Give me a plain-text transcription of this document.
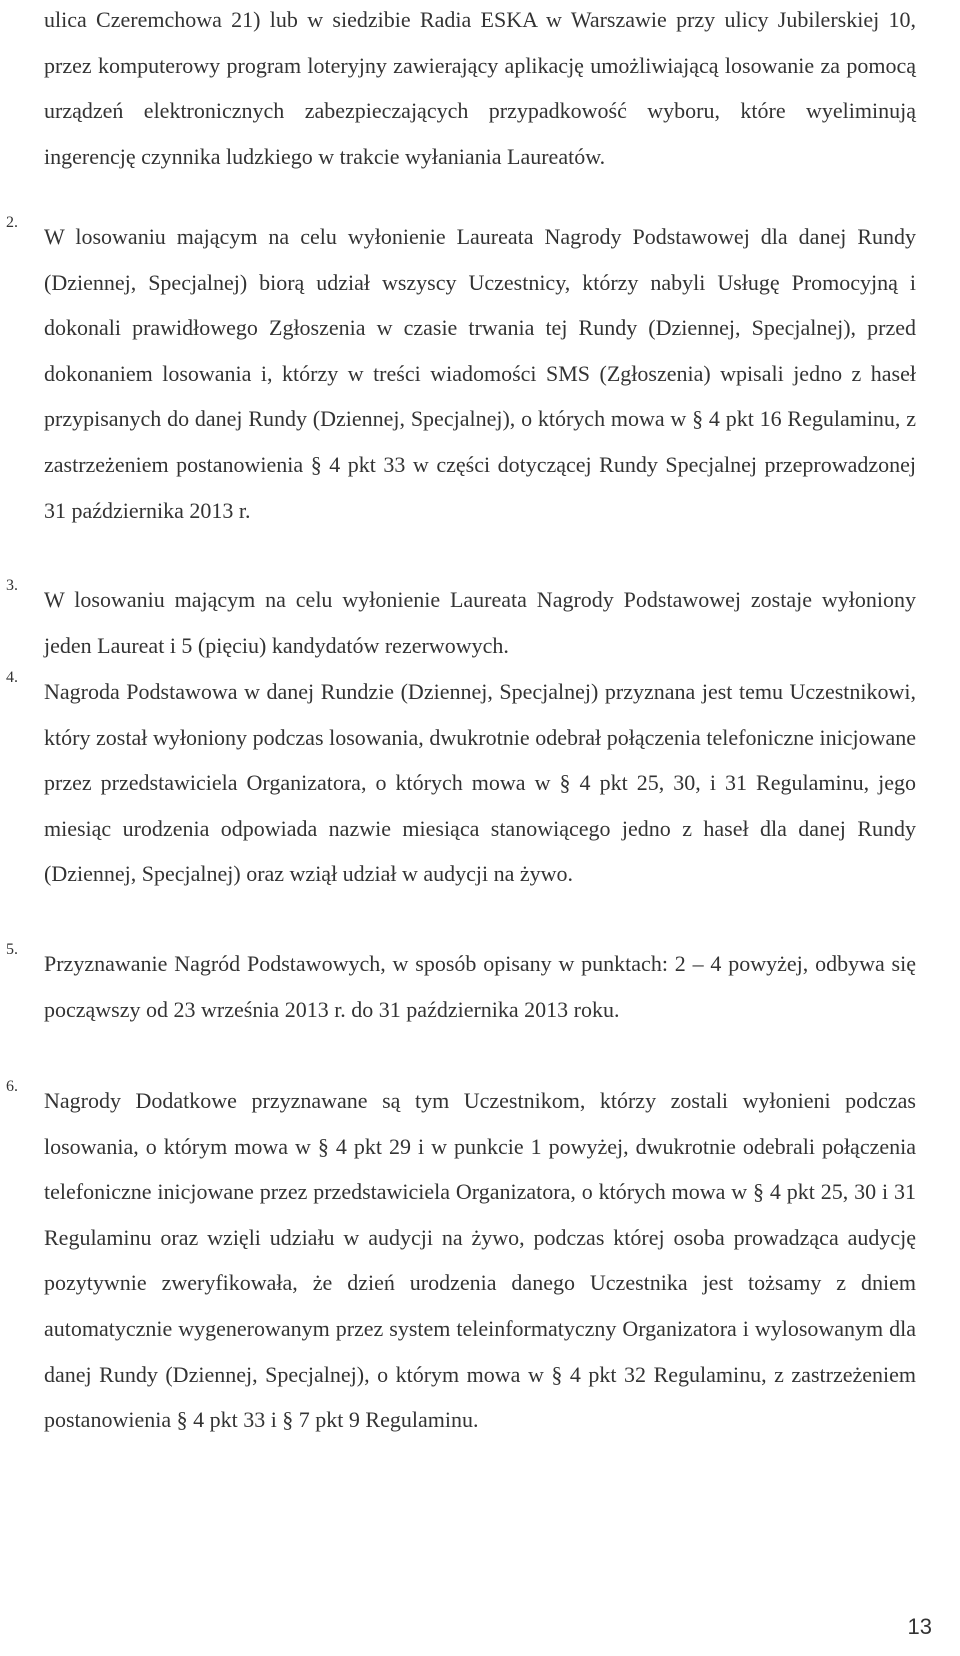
ulica Czeremchowa 21) lub w siedzibie Radia ESKA w Warszawie przy ulicy Jubilerskiej 10, przez komputerowy program loteryjny zawierający aplikację umożliwiającą losowanie za pomocą urządzeń elektronicznych zabezpieczających przypadkowość wyboru, które wyeliminują ingerencję czynnika ludzkiego w trakcie wyłaniania Laureatów.
2.
W losowaniu mającym na celu wyłonienie Laureata Nagrody Podstawowej dla danej Rundy (Dziennej, Specjalnej) biorą udział wszyscy Uczestnicy, którzy nabyli Usługę Promocyjną i dokonali prawidłowego Zgłoszenia w czasie trwania tej Rundy (Dziennej, Specjalnej), przed dokonaniem losowania i, którzy w treści wiadomości SMS (Zgłoszenia) wpisali jedno z haseł przypisanych do danej Rundy (Dziennej, Specjalnej), o których mowa w § 4 pkt 16 Regulaminu, z zastrzeżeniem postanowienia § 4 pkt 33 w części dotyczącej Rundy Specjalnej przeprowadzonej 31 października 2013 r.
3.
W losowaniu mającym na celu wyłonienie Laureata Nagrody Podstawowej zostaje wyłoniony jeden Laureat i 5 (pięciu) kandydatów rezerwowych.
4.
Nagroda Podstawowa w danej Rundzie (Dziennej, Specjalnej) przyznana jest temu Uczestnikowi, który został wyłoniony podczas losowania, dwukrotnie odebrał połączenia telefoniczne inicjowane przez przedstawiciela Organizatora, o których mowa w § 4 pkt 25, 30, i 31 Regulaminu, jego miesiąc urodzenia odpowiada nazwie miesiąca stanowiącego jedno z haseł dla danej Rundy (Dziennej, Specjalnej) oraz wziął udział w audycji na żywo.
5.
Przyznawanie Nagród Podstawowych, w sposób opisany w punktach: 2 – 4 powyżej, odbywa się począwszy od 23 września 2013 r. do 31 października 2013 roku.
6.
Nagrody Dodatkowe przyznawane są tym Uczestnikom, którzy zostali wyłonieni podczas losowania, o którym mowa w § 4 pkt 29 i w punkcie 1 powyżej, dwukrotnie odebrali połączenia telefoniczne inicjowane przez przedstawiciela Organizatora, o których mowa w § 4 pkt 25, 30 i 31 Regulaminu oraz wzięli udziału w audycji na żywo, podczas której osoba prowadząca audycję pozytywnie zweryfikowała, że dzień urodzenia danego Uczestnika jest tożsamy z dniem automatycznie wygenerowanym przez system teleinformatyczny Organizatora i wylosowanym dla danej Rundy (Dziennej, Specjalnej), o którym mowa w § 4 pkt 32 Regulaminu, z zastrzeżeniem postanowienia § 4 pkt 33 i § 7 pkt 9 Regulaminu.
13
